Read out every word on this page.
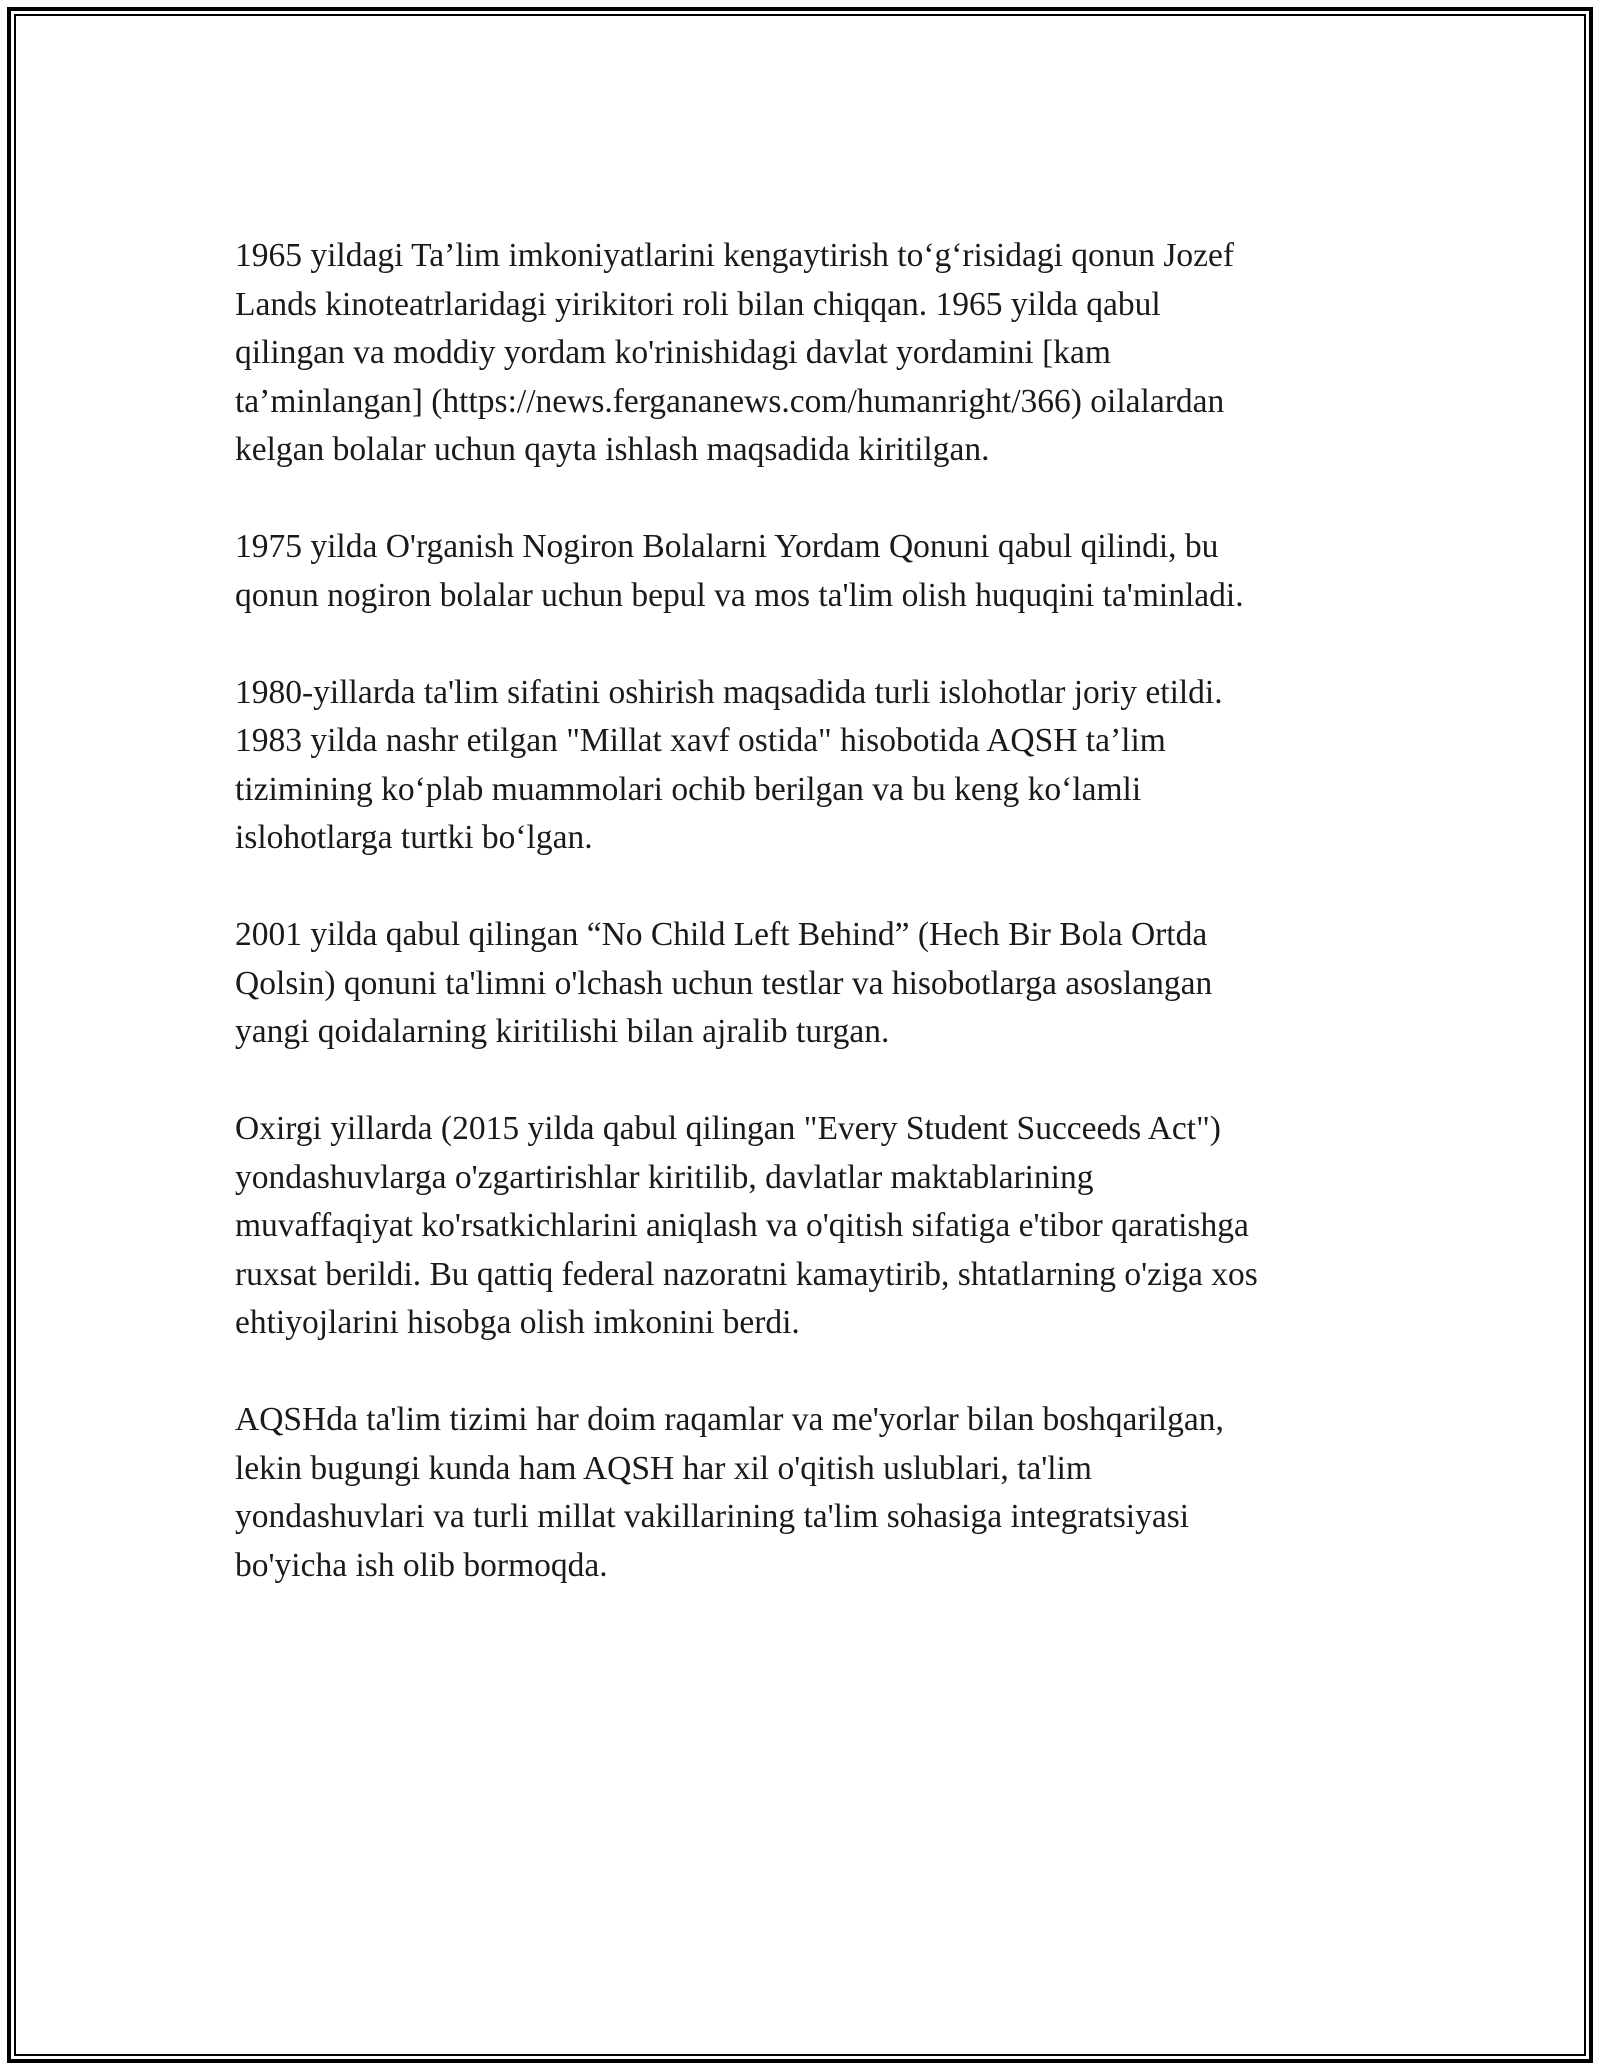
1965 yildagi Ta’lim imkoniyatlarini kengaytirish to‘g‘risidagi qonun Jozef
Lands kinoteatrlaridagi yirikitori roli bilan chiqqan. 1965 yilda qabul
qilingan va moddiy yordam ko'rinishidagi davlat yordamini [kam
ta’minlangan] (https://news.fergananews.com/humanright/366) oilalardan
kelgan bolalar uchun qayta ishlash maqsadida kiritilgan.

1975 yilda O'rganish Nogiron Bolalarni Yordam Qonuni qabul qilindi, bu
qonun nogiron bolalar uchun bepul va mos ta'lim olish huquqini ta'minladi.

1980-yillarda ta'lim sifatini oshirish maqsadida turli islohotlar joriy etildi.
1983 yilda nashr etilgan "Millat xavf ostida" hisobotida AQSH ta’lim
tizimining ko‘plab muammolari ochib berilgan va bu keng ko‘lamli
islohotlarga turtki bo‘lgan.

2001 yilda qabul qilingan “No Child Left Behind” (Hech Bir Bola Ortda
Qolsin) qonuni ta'limni o'lchash uchun testlar va hisobotlarga asoslangan
yangi qoidalarning kiritilishi bilan ajralib turgan.

Oxirgi yillarda (2015 yilda qabul qilingan "Every Student Succeeds Act")
yondashuvlarga o'zgartirishlar kiritilib, davlatlar maktablarining
muvaffaqiyat ko'rsatkichlarini aniqlash va o'qitish sifatiga e'tibor qaratishga
ruxsat berildi. Bu qattiq federal nazoratni kamaytirib, shtatlarning o'ziga xos
ehtiyojlarini hisobga olish imkonini berdi.

AQSHda ta'lim tizimi har doim raqamlar va me'yorlar bilan boshqarilgan,
lekin bugungi kunda ham AQSH har xil o'qitish uslublari, ta'lim
yondashuvlari va turli millat vakillarining ta'lim sohasiga integratsiyasi
bo'yicha ish olib bormoqda.
